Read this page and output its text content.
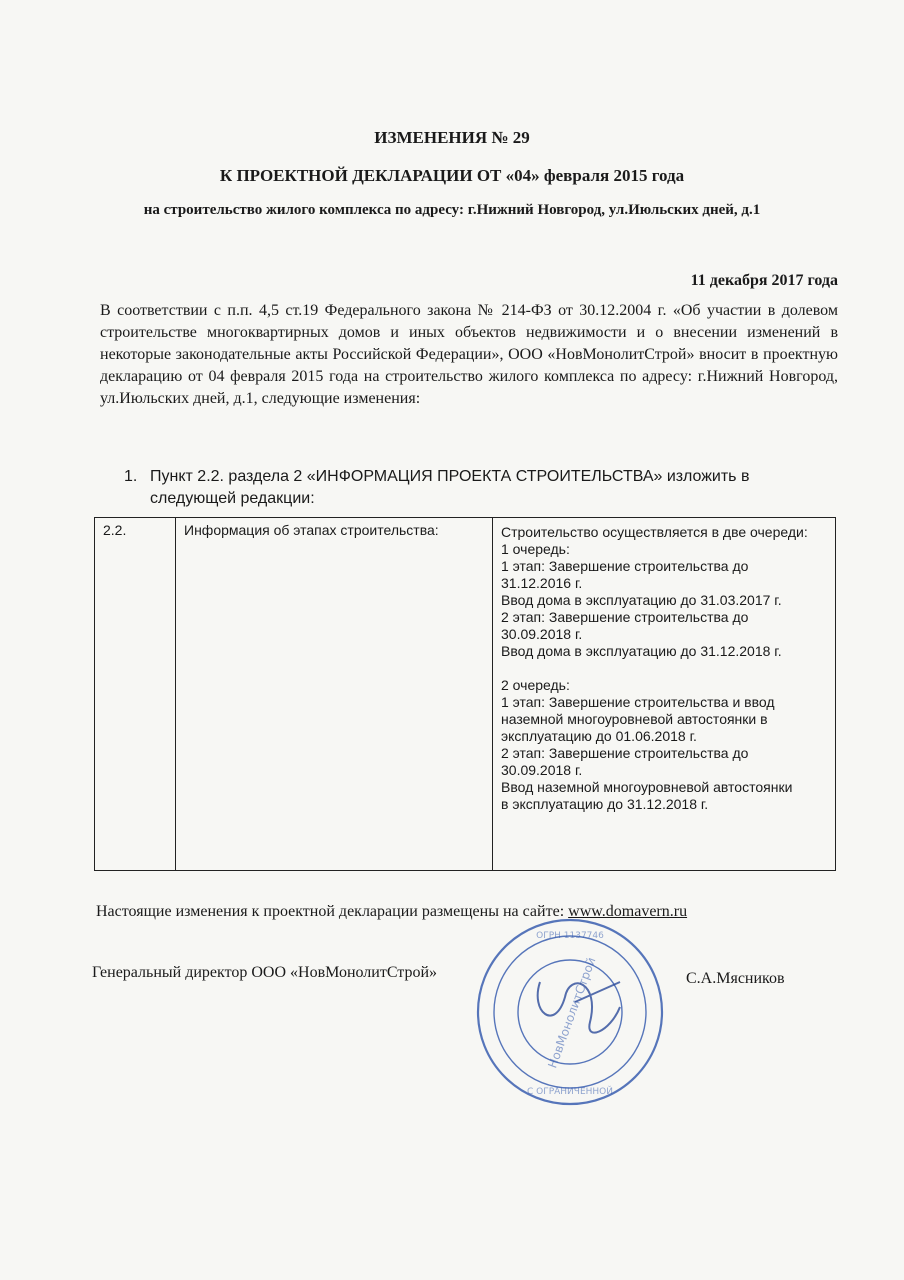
ИЗМЕНЕНИЯ № 29
К ПРОЕКТНОЙ ДЕКЛАРАЦИИ ОТ «04» февраля 2015 года
на строительство жилого комплекса по адресу: г.Нижний Новгород, ул.Июльских дней, д.1
11 декабря 2017 года
В соответствии с п.п. 4,5 ст.19 Федерального закона № 214-ФЗ от 30.12.2004 г. «Об участии в долевом строительстве многоквартирных домов и иных объектов недвижимости и о внесении изменений в некоторые законодательные акты Российской Федерации», ООО «НовМонолитСтрой» вносит в проектную декларацию от 04 февраля 2015 года на строительство жилого комплекса по адресу: г.Нижний Новгород, ул.Июльских дней, д.1, следующие изменения:
1. Пункт 2.2. раздела 2 «ИНФОРМАЦИЯ ПРОЕКТА СТРОИТЕЛЬСТВА» изложить в следующей редакции:
2.2.	Информация об этапах строительства:	Строительство осуществляется в две очереди:
1 очередь:
1 этап: Завершение строительства до
31.12.2016 г.
Ввод дома в эксплуатацию до 31.03.2017 г.
2 этап: Завершение строительства до
30.09.2018 г.
Ввод дома в эксплуатацию до 31.12.2018 г.
2 очередь:
1 этап: Завершение строительства и ввод
наземной многоуровневой автостоянки в
эксплуатацию до 01.06.2018 г.
2 этап: Завершение строительства до
30.09.2018 г.
Ввод наземной многоуровневой автостоянки
в эксплуатацию до 31.12.2018 г.
Настоящие изменения к проектной декларации размещены на сайте: www.domavern.ru
Генеральный директор ООО «НовМонолитСтрой»	С.А.Мясников
ОГРН 1137746
С ОГРАНИЧЕННОЙ
НовМонолитСтрой
